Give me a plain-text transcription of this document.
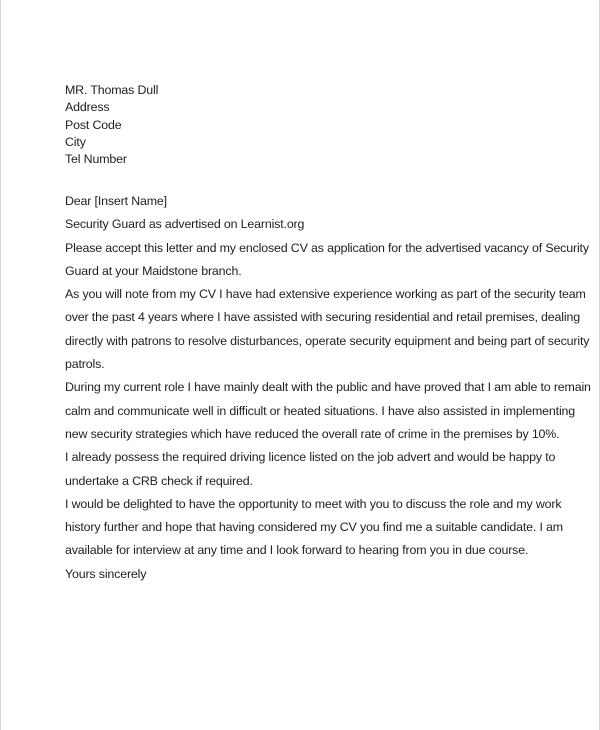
MR. Thomas Dull
Address
Post Code
City
Tel Number
Dear [Insert Name]
Security Guard as advertised on Learnist.org
Please accept this letter and my enclosed CV as application for the advertised vacancy of Security
Guard at your Maidstone branch.
As you will note from my CV I have had extensive experience working as part of the security team
over the past 4 years where I have assisted with securing residential and retail premises, dealing
directly with patrons to resolve disturbances, operate security equipment and being part of security
patrols.
During my current role I have mainly dealt with the public and have proved that I am able to remain
calm and communicate well in difficult or heated situations. I have also assisted in implementing
new security strategies which have reduced the overall rate of crime in the premises by 10%.
I already possess the required driving licence listed on the job advert and would be happy to
undertake a CRB check if required.
I would be delighted to have the opportunity to meet with you to discuss the role and my work
history further and hope that having considered my CV you find me a suitable candidate. I am
available for interview at any time and I look forward to hearing from you in due course.
Yours sincerely
